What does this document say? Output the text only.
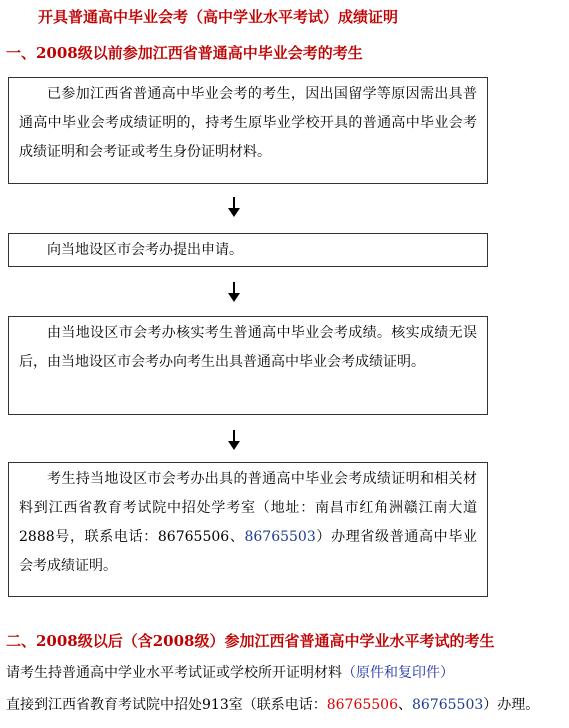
开具普通高中毕业会考（高中学业水平考试）成绩证明
一、2008级以前参加江西省普通高中毕业会考的考生

已参加江西省普通高中毕业会考的考生，因出国留学等原因需出具普通高中毕业会考成绩证明的，持考生原毕业学校开具的普通高中毕业会考成绩证明和会考证或考生身份证明材料。

向当地设区市会考办提出申请。

由当地设区市会考办核实考生普通高中毕业会考成绩。核实成绩无误后，由当地设区市会考办向考生出具普通高中毕业会考成绩证明。

考生持当地设区市会考办出具的普通高中毕业会考成绩证明和相关材料到江西省教育考试院中招处学考室（地址：南昌市红角洲赣江南大道2888号，联系电话：86765506、86765503）办理省级普通高中毕业会考成绩证明。

二、2008级以后（含2008级）参加江西省普通高中学业水平考试的考生
请考生持普通高中学业水平考试证或学校所开证明材料（原件和复印件）
直接到江西省教育考试院中招处913室（联系电话：86765506、86765503）办理。
